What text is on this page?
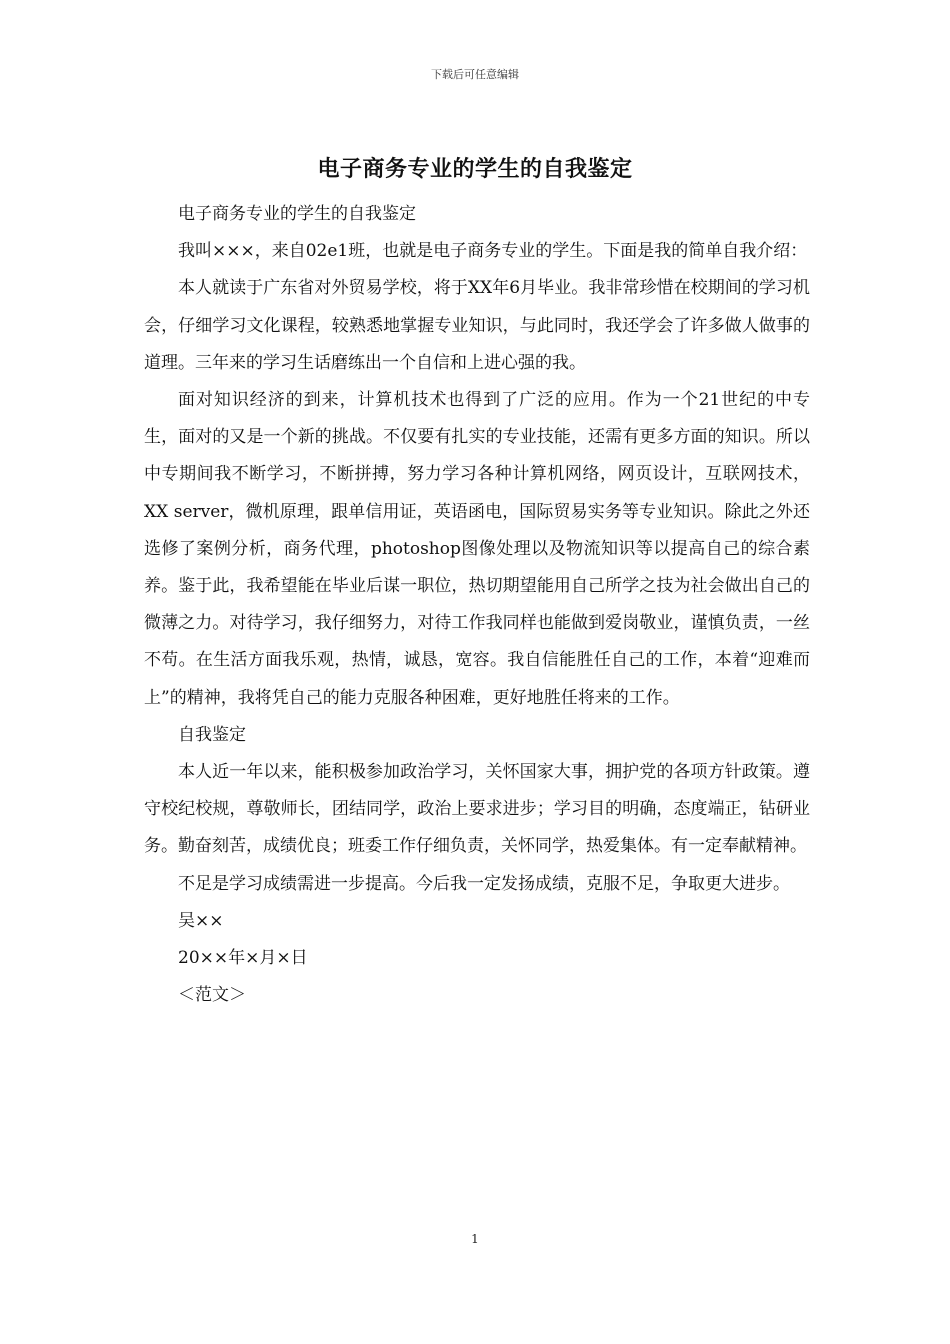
下载后可任意编辑
电子商务专业的学生的自我鉴定

电子商务专业的学生的自我鉴定

我叫×××，来自02e1班，也就是电子商务专业的学生。下面是我的简单自我介绍：

本人就读于广东省对外贸易学校，将于XX年6月毕业。我非常珍惜在校期间的学习机会，仔细学习文化课程，较熟悉地掌握专业知识，与此同时，我还学会了许多做人做事的道理。三年来的学习生话磨练出一个自信和上进心强的我。

面对知识经济的到来，计算机技术也得到了广泛的应用。作为一个21世纪的中专生，面对的又是一个新的挑战。不仅要有扎实的专业技能，还需有更多方面的知识。所以中专期间我不断学习，不断拼搏，努力学习各种计算机网络，网页设计，互联网技术，XX server，微机原理，跟单信用证，英语函电，国际贸易实务等专业知识。除此之外还选修了案例分析，商务代理，photoshop图像处理以及物流知识等以提高自己的综合素养。鉴于此，我希望能在毕业后谋一职位，热切期望能用自己所学之技为社会做出自己的微薄之力。对待学习，我仔细努力，对待工作我同样也能做到爱岗敬业，谨慎负责，一丝不苟。在生活方面我乐观，热情，诚恳，宽容。我自信能胜任自己的工作，本着“迎难而上”的精神，我将凭自己的能力克服各种困难，更好地胜任将来的工作。

自我鉴定

本人近一年以来，能积极参加政治学习，关怀国家大事，拥护党的各项方针政策。遵守校纪校规，尊敬师长，团结同学，政治上要求进步；学习目的明确，态度端正，钻研业务。勤奋刻苦，成绩优良；班委工作仔细负责，关怀同学，热爱集体。有一定奉献精神。

不足是学习成绩需进一步提高。今后我一定发扬成绩，克服不足，争取更大进步。

吴××

20××年×月×日

＜范文＞

1
